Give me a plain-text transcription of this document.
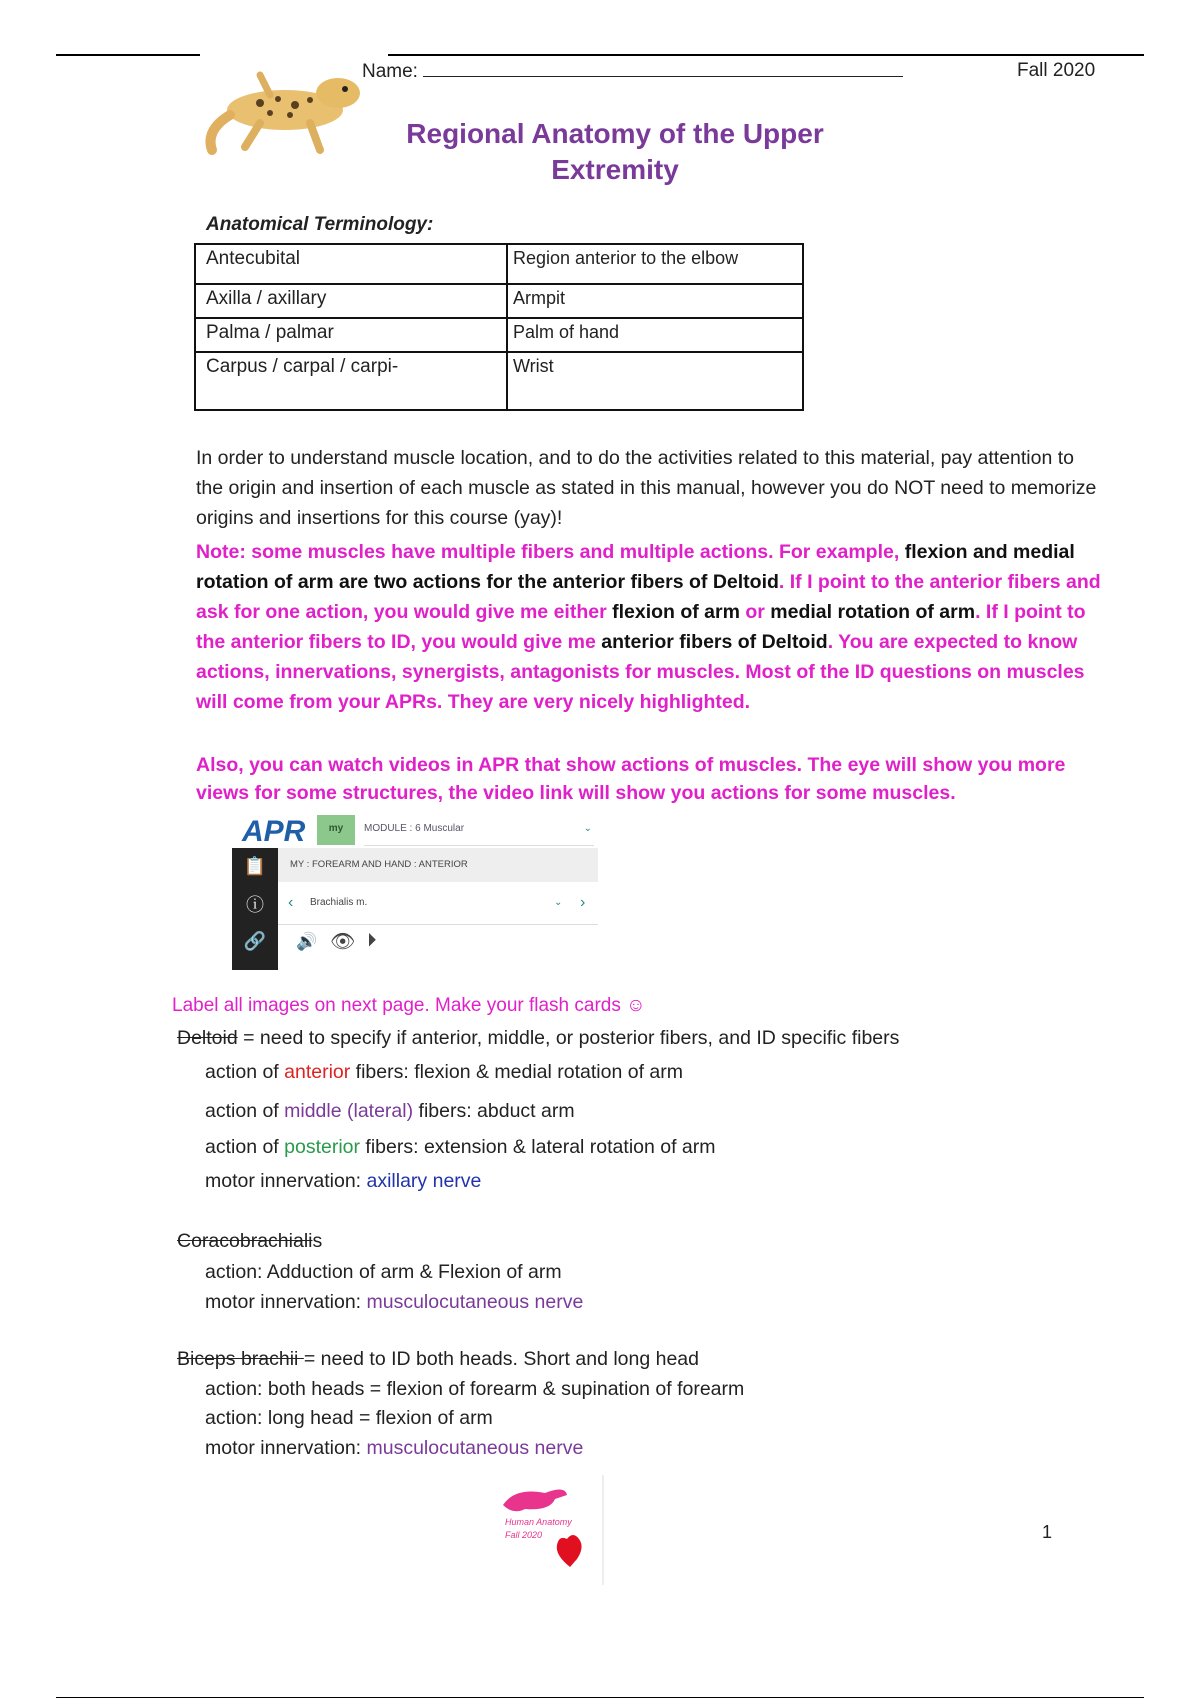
Name:	Fall 2020
Regional Anatomy of the Upper
Extremity
Anatomical Terminology:
Antecubital	Region anterior to the elbow
Axilla / axillary	Armpit
Palma / palmar	Palm of hand
Carpus / carpal / carpi-	Wrist
In order to understand muscle location, and to do the activities related to this material, pay attention to the origin and insertion of each muscle as stated in this manual, however you do NOT need to memorize origins and insertions for this course (yay)!
Note: some muscles have multiple fibers and multiple actions. For example, flexion and medial rotation of arm are two actions for the anterior fibers of Deltoid. If I point to the anterior fibers and ask for one action, you would give me either flexion of arm or medial rotation of arm. If I point to the anterior fibers to ID, you would give me anterior fibers of Deltoid. You are expected to know actions, innervations, synergists, antagonists for muscles. Most of the ID questions on muscles will come from your APRs. They are very nicely highlighted.
Also, you can watch videos in APR that show actions of muscles. The eye will show you more views for some structures, the video link will show you actions for some muscles.
APR	my	MODULE : 6 Muscular	⌄
📋
ⓘ
🔗
MY : FOREARM AND HAND : ANTERIOR
‹ Brachialis m.	⌄ ›
🔊 👁 ⏵
Label all images on next page. Make your flash cards ☺
Deltoid = need to specify if anterior, middle, or posterior fibers, and ID specific fibers
action of anterior fibers: flexion & medial rotation of arm
action of middle (lateral) fibers: abduct arm
action of posterior fibers: extension & lateral rotation of arm
motor innervation: axillary nerve
Coracobrachialis
action: Adduction of arm & Flexion of arm
motor innervation: musculocutaneous nerve
Biceps brachii = need to ID both heads. Short and long head
action: both heads = flexion of forearm & supination of forearm
action: long head = flexion of arm
motor innervation: musculocutaneous nerve
Human Anatomy
Fall 2020	1
